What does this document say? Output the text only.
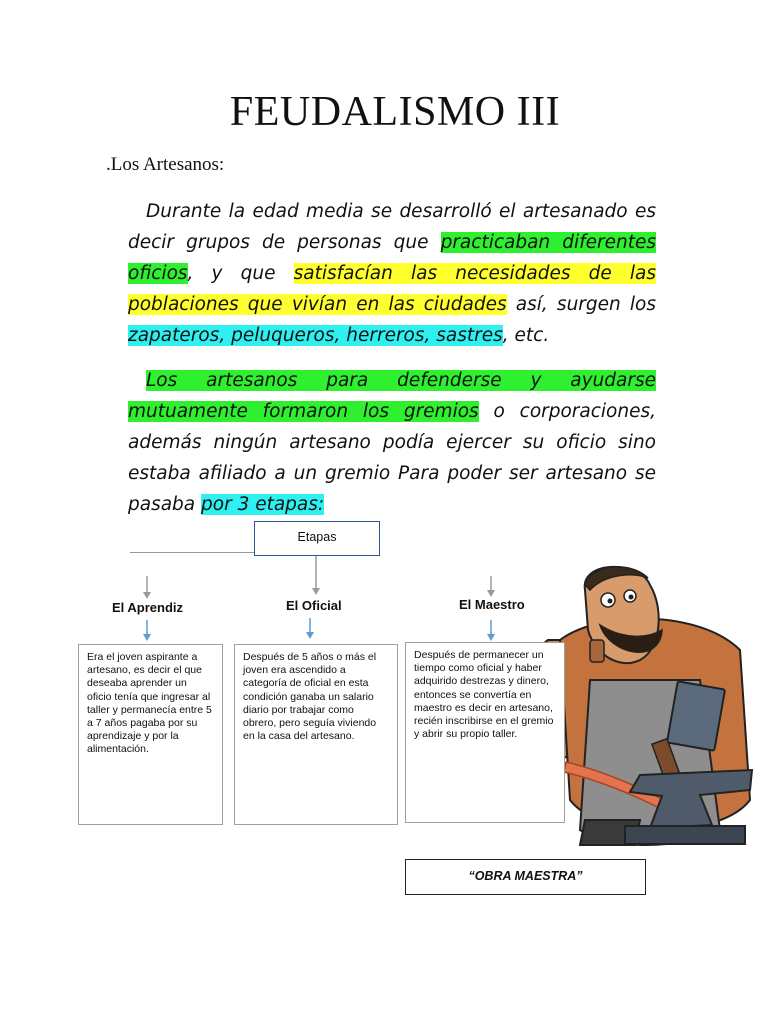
FEUDALISMO III
.Los Artesanos:
Durante la edad media se desarrolló el artesanado es decir grupos de personas que practicaban diferentes oficios, y que satisfacían las necesidades de las poblaciones que vivían en las ciudades así, surgen los zapateros, peluqueros, herreros, sastres, etc.
Los artesanos para defenderse y ayudarse mutuamente formaron los gremios o corporaciones, además ningún artesano podía ejercer su oficio sino estaba afiliado a un gremio Para poder ser artesano se pasaba por 3 etapas:
Etapas
El Aprendiz	El Oficial	El Maestro
Era el joven aspirante a artesano, es decir el que deseaba aprender un oficio tenía que ingresar al taller y permanecía entre 5 a 7 años pagaba por su aprendizaje y por la alimentación.
Después de 5 años o más el joven era ascendido a categoría de oficial en esta condición ganaba un salario diario por trabajar como obrero, pero seguía viviendo en la casa del artesano.
Después de permanecer un tiempo como oficial y haber adquirido destrezas y dinero, entonces se convertía en maestro es decir en artesano, recién inscribirse en el gremio y abrir su propio taller.
“OBRA MAESTRA”
